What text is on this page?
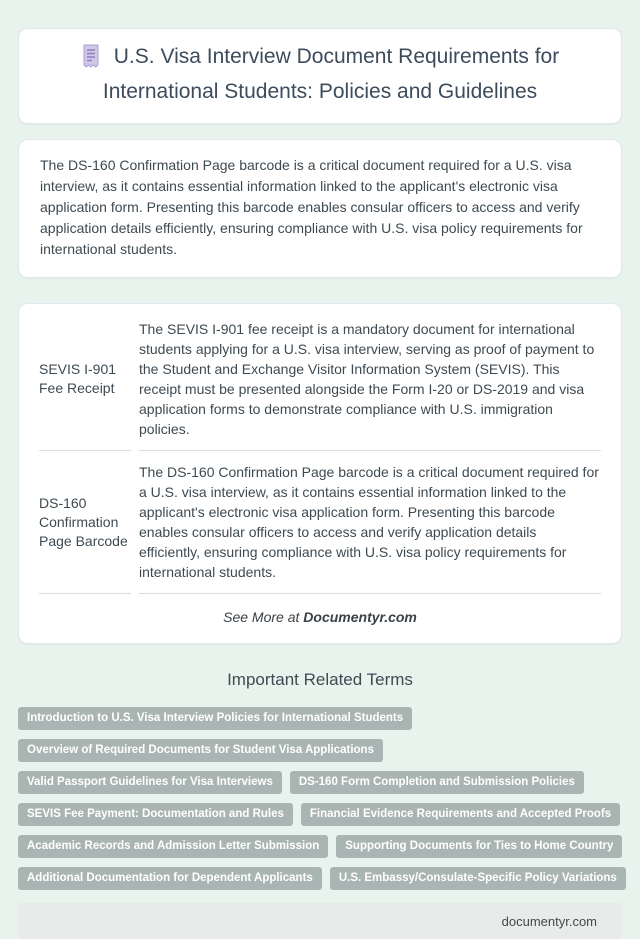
U.S. Visa Interview Document Requirements for International Students: Policies and Guidelines

The DS-160 Confirmation Page barcode is a critical document required for a U.S. visa interview, as it contains essential information linked to the applicant's electronic visa application form. Presenting this barcode enables consular officers to access and verify application details efficiently, ensuring compliance with U.S. visa policy requirements for international students.

SEVIS I-901 Fee Receipt	The SEVIS I-901 fee receipt is a mandatory document for international students applying for a U.S. visa interview, serving as proof of payment to the Student and Exchange Visitor Information System (SEVIS). This receipt must be presented alongside the Form I-20 or DS-2019 and visa application forms to demonstrate compliance with U.S. immigration policies.
DS-160 Confirmation Page Barcode	The DS-160 Confirmation Page barcode is a critical document required for a U.S. visa interview, as it contains essential information linked to the applicant's electronic visa application form. Presenting this barcode enables consular officers to access and verify application details efficiently, ensuring compliance with U.S. visa policy requirements for international students.
See More at Documentyr.com
Important Related Terms
Introduction to U.S. Visa Interview Policies for International Students
Overview of Required Documents for Student Visa Applications
Valid Passport Guidelines for Visa Interviews	DS-160 Form Completion and Submission Policies
SEVIS Fee Payment: Documentation and Rules	Financial Evidence Requirements and Accepted Proofs
Academic Records and Admission Letter Submission	Supporting Documents for Ties to Home Country
Additional Documentation for Dependent Applicants	U.S. Embassy/Consulate-Specific Policy Variations
documentyr.com
